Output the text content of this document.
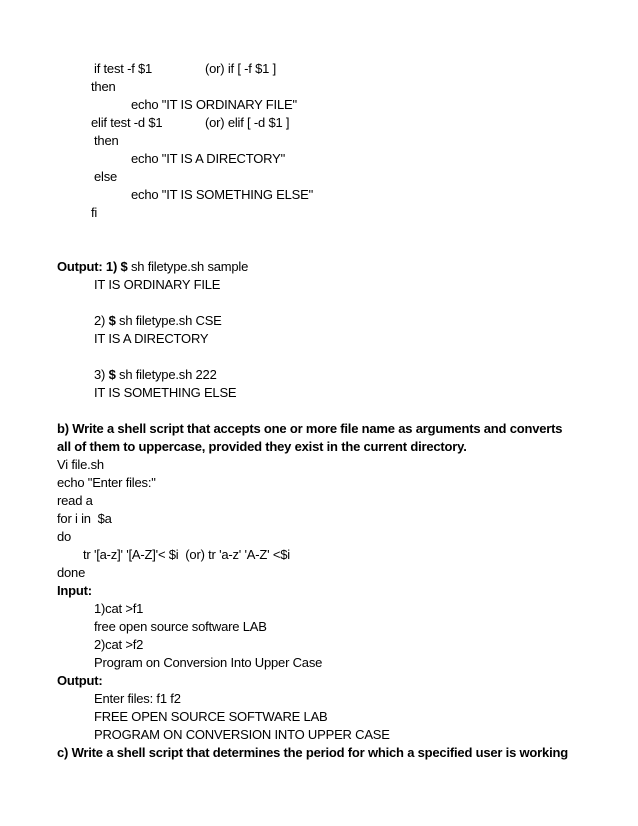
if test -f $1	(or) if [ -f $1 ]
then
echo "IT IS ORDINARY FILE"
elif test -d $1	(or) elif [ -d $1 ]
then
echo "IT IS A DIRECTORY"
else
echo "IT IS SOMETHING ELSE"
fi
Output: 1) $ sh filetype.sh sample
IT IS ORDINARY FILE
2) $ sh filetype.sh CSE
IT IS A DIRECTORY
3) $ sh filetype.sh 222
IT IS SOMETHING ELSE
b) Write a shell script that accepts one or more file name as arguments and converts
all of them to uppercase, provided they exist in the current directory.
Vi file.sh
echo "Enter files:"
read a
for i in  $a
do
tr '[a-z]' '[A-Z]'< $i  (or) tr 'a-z' 'A-Z' <$i
done
Input:
1)cat >f1
free open source software LAB
2)cat >f2
Program on Conversion Into Upper Case
Output:
Enter files: f1 f2
FREE OPEN SOURCE SOFTWARE LAB
PROGRAM ON CONVERSION INTO UPPER CASE
c) Write a shell script that determines the period for which a specified user is working
